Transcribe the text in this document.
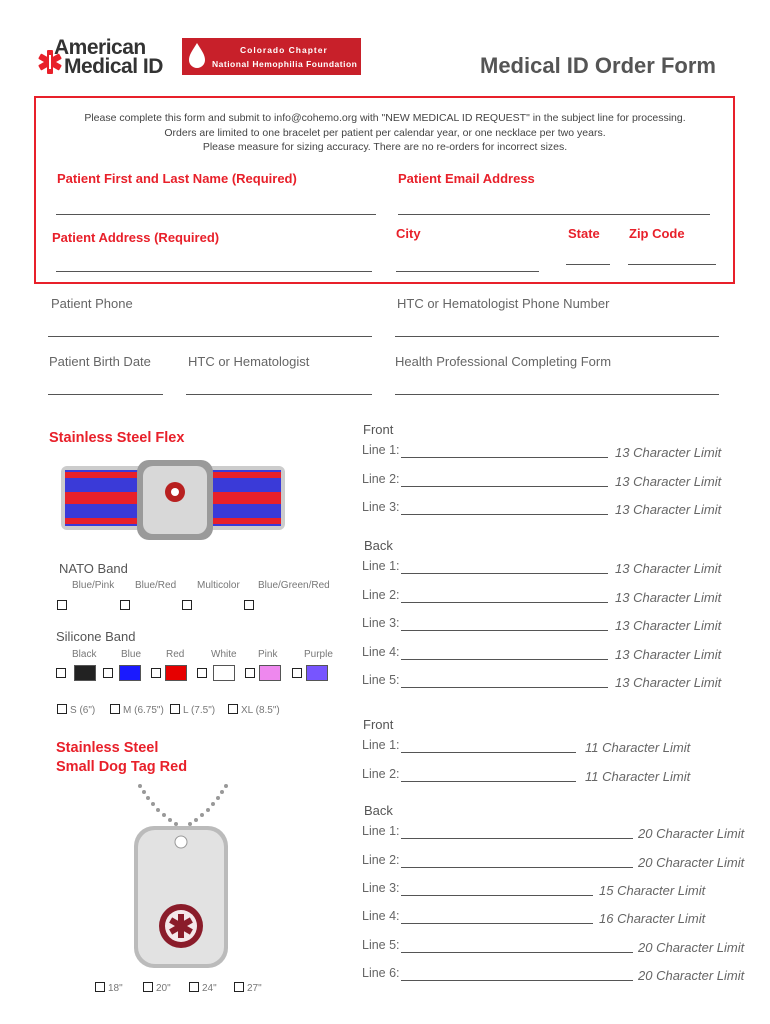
American
Medical ID
Colorado Chapter
National Hemophilia Foundation	Medical ID Order Form
Please complete this form and submit to info@cohemo.org with "NEW MEDICAL ID REQUEST" in the subject line for processing.
Orders are limited to one bracelet per patient per calendar year, or one necklace per two years.
Please measure for sizing accuracy. There are no re-orders for incorrect sizes.
Patient First and Last Name (Required)	Patient Email Address
Patient Address (Required)	City	State Zip Code
Patient Phone	HTC or Hematologist Phone Number
Patient Birth Date	HTC or Hematologist	Health Professional Completing Form
Stainless Steel Flex
NATO Band
Silicone Band
Front
Back
Stainless Steel
Small Dog Tag Red
Front
Back
Blue/Pink Blue/Red Multicolor Blue/Green/Red
Black Blue Red	White Pink	Purple
S (6")	M (6.75") L (7.5")	XL (8.5")
Line 1:	13 Character Limit
Line 2:	13 Character Limit
Line 3:	13 Character Limit
Line 1:	13 Character Limit
Line 2:	13 Character Limit
Line 3:	13 Character Limit
Line 4:	13 Character Limit
Line 5:	13 Character Limit
Line 1:	11 Character Limit
Line 2:	11 Character Limit
Line 1:	20 Character Limit
Line 2:	20 Character Limit
Line 3:	15 Character Limit
Line 4:	16 Character Limit
Line 5:	20 Character Limit
Line 6:	20 Character Limit
18"	20"	24"	27"
